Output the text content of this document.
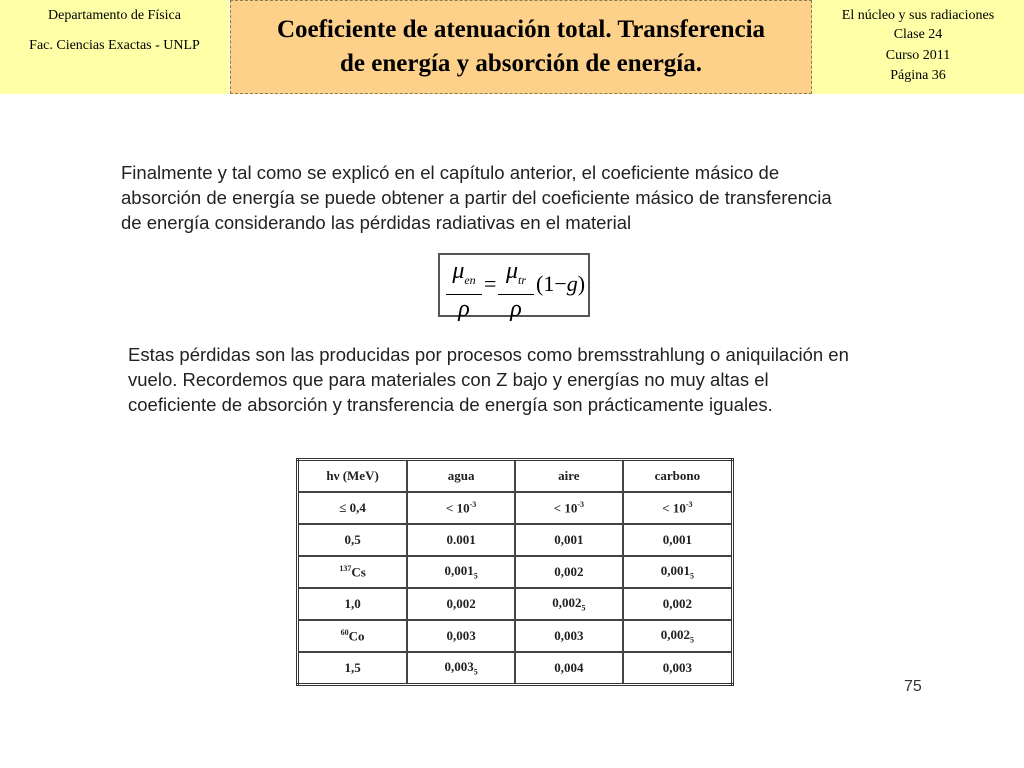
Departamento de Física
Fac. Ciencias Exactas - UNLP
Coeficiente de atenuación total. Transferencia
de energía y absorción de energía.
El núcleo y sus radiaciones
Clase 24
Curso 2011
Página 36
Finalmente y tal como se explicó en el capítulo anterior, el coeficiente másico de
absorción de energía se puede obtener a partir del coeficiente másico de transferencia
de energía considerando las pérdidas radiativas en el material
$\mu_{en}$
ρ
= $\mu_{tr}$
ρ
(1−g)
Estas pérdidas son las producidas por procesos como bremsstrahlung o aniquilación en
vuelo. Recordemos que para materiales con Z bajo y energías no muy altas el
coeficiente de absorción y transferencia de energía son prácticamente iguales.
hν (MeV)	agua	aire	carbono
≤ 0,4	< $10^{-3}$	< $10^{-3}$	< $10^{-3}$
0,5	0.001	0,001	0,001
$^{137}$Cs	$0,001_5$	0,002	$0,001_5$
1,0	0,002	$0,002_5$	0,002
$^{60}$Co	0,003	0,003	$0,002_5$
1,5	$0,003_5$	0,004	0,003
75
